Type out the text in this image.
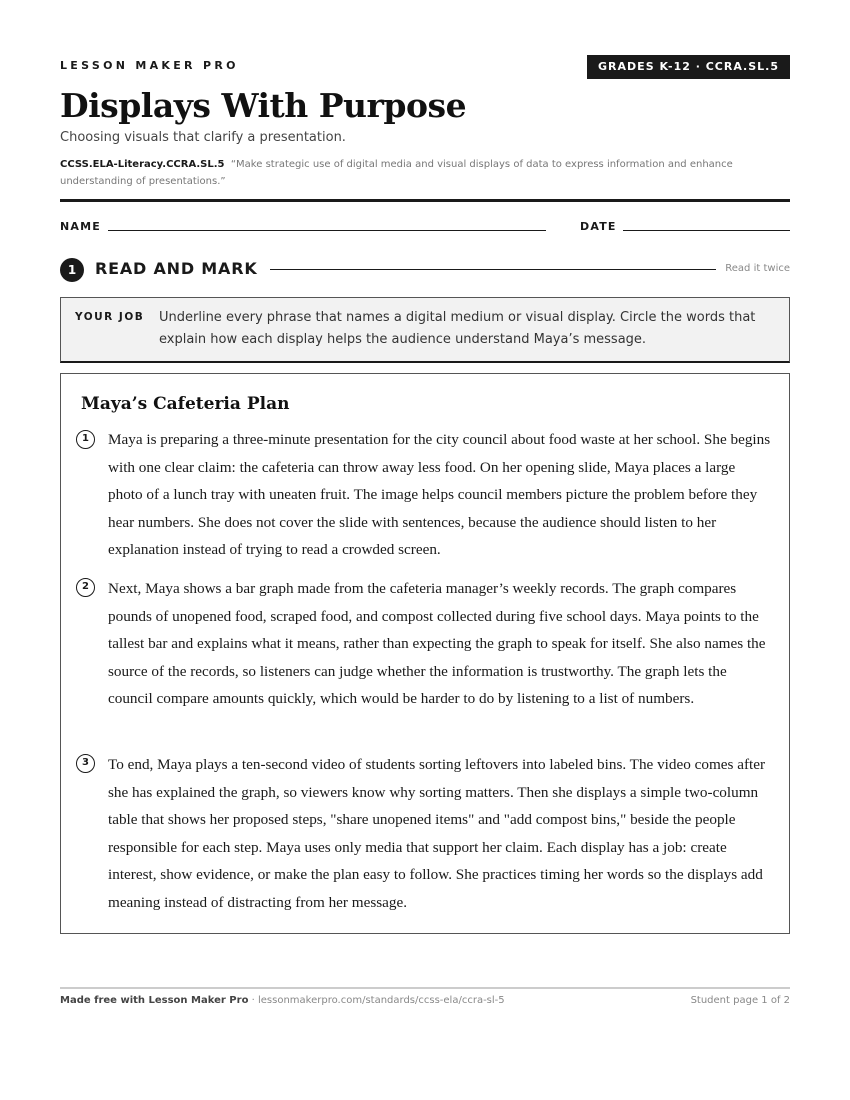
LESSON MAKER PRO	GRADES K-12 · CCRA.SL.5
Displays With Purpose
Choosing visuals that clarify a presentation.
CCSS.ELA-Literacy.CCRA.SL.5 “Make strategic use of digital media and visual displays of data to express information and enhance understanding of presentations.”
NAME	DATE
1	READ AND MARK	Read it twice
YOUR JOB Underline every phrase that names a digital medium or visual display. Circle the words that explain how each display helps the audience understand Maya’s message.
Maya’s Cafeteria Plan
1	Maya is preparing a three-minute presentation for the city council about food waste at her school. She begins with one clear claim: the cafeteria can throw away less food. On her opening slide, Maya places a large photo of a lunch tray with uneaten fruit. The image helps council members picture the problem before they hear numbers. She does not cover the slide with sentences, because the audience should listen to her explanation instead of trying to read a crowded screen.
2	Next, Maya shows a bar graph made from the cafeteria manager’s weekly records. The graph compares pounds of unopened food, scraped food, and compost collected during five school days. Maya points to the tallest bar and explains what it means, rather than expecting the graph to speak for itself. She also names the source of the records, so listeners can judge whether the information is trustworthy. The graph lets the council compare amounts quickly, which would be harder to do by listening to a list of numbers.
3	To end, Maya plays a ten-second video of students sorting leftovers into labeled bins. The video comes after she has explained the graph, so viewers know why sorting matters. Then she displays a simple two-column table that shows her proposed steps, "share unopened items" and "add compost bins," beside the people responsible for each step. Maya uses only media that support her claim. Each display has a job: create interest, show evidence, or make the plan easy to follow. She practices timing her words so the displays add meaning instead of distracting from her message.
Made free with Lesson Maker Pro · lessonmakerpro.com/standards/ccss-ela/ccra-sl-5	Student page 1 of 2
